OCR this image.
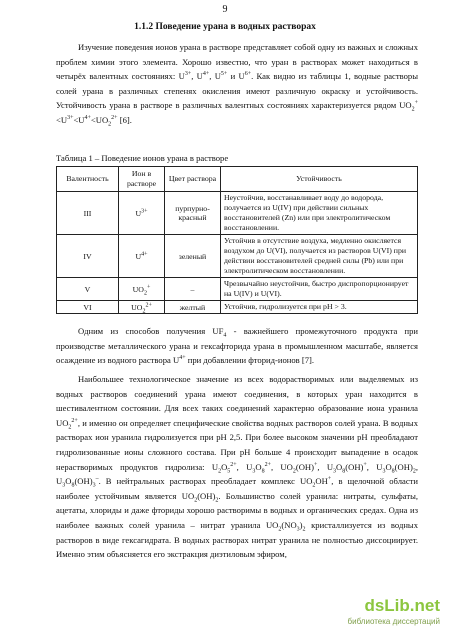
9
1.1.2 Поведение урана в водных растворах
Изучение поведения ионов урана в растворе представляет собой одну из важных и сложных проблем химии этого элемента. Хорошо известно, что уран в растворах может находиться в четырёх валентных состояниях: $U^{3+}$, $U^{4+}$, $U^{5+}$ и $U^{6+}$. Как видно из таблицы 1, водные растворы солей урана в различных степенях окисления имеют различную окраску и устойчивость. Устойчивость урана в растворе в различных валентных состояниях характеризуется рядом $UO_2^+<U^{3+}<U^{4+}<UO_2^{2+}$ [6].
Таблица 1 – Поведение ионов урана в растворе
Валентность	Ион в растворе	Цвет раствора	Устойчивость
III	$U^{3+}$	пурпурно-красный	Неустойчив, восстанавливает воду до водорода, получается из U(IV) при действии сильных восстановителей (Zn) или при электролитическом восстановлении.
IV	$U^{4+}$	зеленый	Устойчив в отсутствие воздуха, медленно окисляется воздухом до U(VI), получается из растворов U(VI) при действии восстановителей средней силы (Pb) или при электролитическом восстановлении.
V	$UO_2^+$	–	Чрезвычайно неустойчив, быстро диспропорционирует на U(IV) и U(VI).
VI	$UO_2^{2+}$	желтый	Устойчив, гидролизуется при pH > 3.
Одним из способов получения $UF_4$ - важнейшего промежуточного продукта при производстве металлического урана и гексафторида урана в промышленном масштабе, является осаждение из водного раствора $U^{4+}$ при добавлении фторид-ионов [7].
Наибольшее технологическое значение из всех водорастворимых или выделяемых из водных растворов соединений урана имеют соединения, в которых уран находится в шестивалентном состоянии. Для всех таких соединений характерно образование иона уранила $UO_2^{2+}$, и именно он определяет специфические свойства водных растворов солей урана. В водных растворах ион уранила гидролизуется при pH 2,5. При более высоком значении pH преобладают гидролизованные ионы сложного состава. При pH больше 4 происходит выпадение в осадок нерастворимых продуктов гидролиза: $U_2O_5^{2+}$, $U_3O_8^{2+}$, $UO_2(OH)^+$, $U_3O_8(OH)^+$, $U_3O_8(OH)_2$, $U_3O_8(OH)_3^-$. В нейтральных растворах преобладает комплекс $UO_2OH^+$, в щелочной области наиболее устойчивым является $UO_2(OH)_2$. Большинство солей уранила: нитраты, сульфаты, ацетаты, хлориды и даже фториды хорошо растворимы в водных и органических средах. Одна из наиболее важных солей уранила – нитрат уранила $UO_2(NO_3)_2$ кристаллизуется из водных растворов в виде гексагидрата. В водных растворах нитрат уранила не полностью диссоциирует. Именно этим объясняется его экстракция диэтиловым эфиром,
dsLib.net
библиотека диссертаций
